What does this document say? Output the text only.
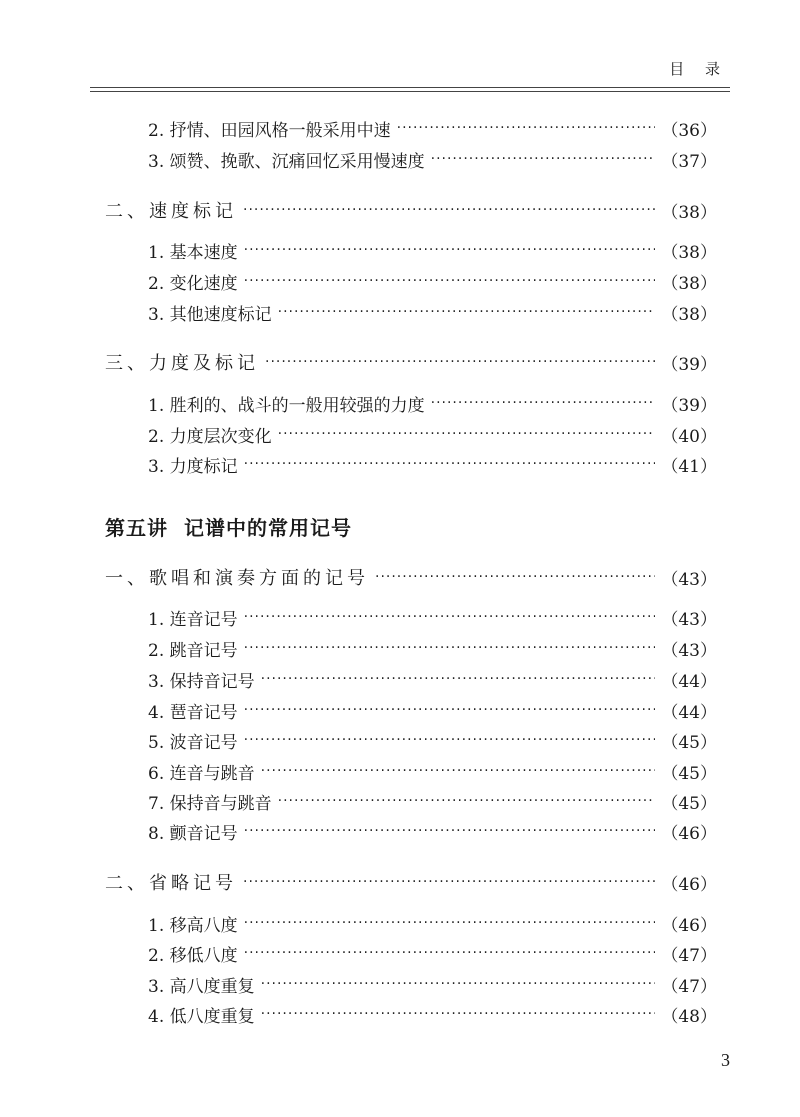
目 录
2. 抒情、田园风格一般采用中速 ·····	（36）
3. 颂赞、挽歌、沉痛回忆采用慢速度 ·····	（37）
二、速度标记 ·····	（38）
1. 基本速度 ·····	（38）
2. 变化速度 ·····	（38）
3. 其他速度标记 ·····	（38）
三、力度及标记 ·····	（39）
1. 胜利的、战斗的一般用较强的力度 ·····	（39）
2. 力度层次变化 ·····	（40）
3. 力度标记 ·····	（41）
第五讲 记谱中的常用记号
一、歌唱和演奏方面的记号 ·····	（43）
1. 连音记号 ·····	（43）
2. 跳音记号 ·····	（43）
3. 保持音记号 ·····	（44）
4. 琶音记号 ·····	（44）
5. 波音记号 ·····	（45）
6. 连音与跳音 ·····	（45）
7. 保持音与跳音 ·····	（45）
8. 颤音记号 ·····	（46）
二、省略记号 ·····	（46）
1. 移高八度 ·····	（46）
2. 移低八度 ·····	（47）
3. 高八度重复 ·····	（47）
4. 低八度重复 ·····	（48）
3
